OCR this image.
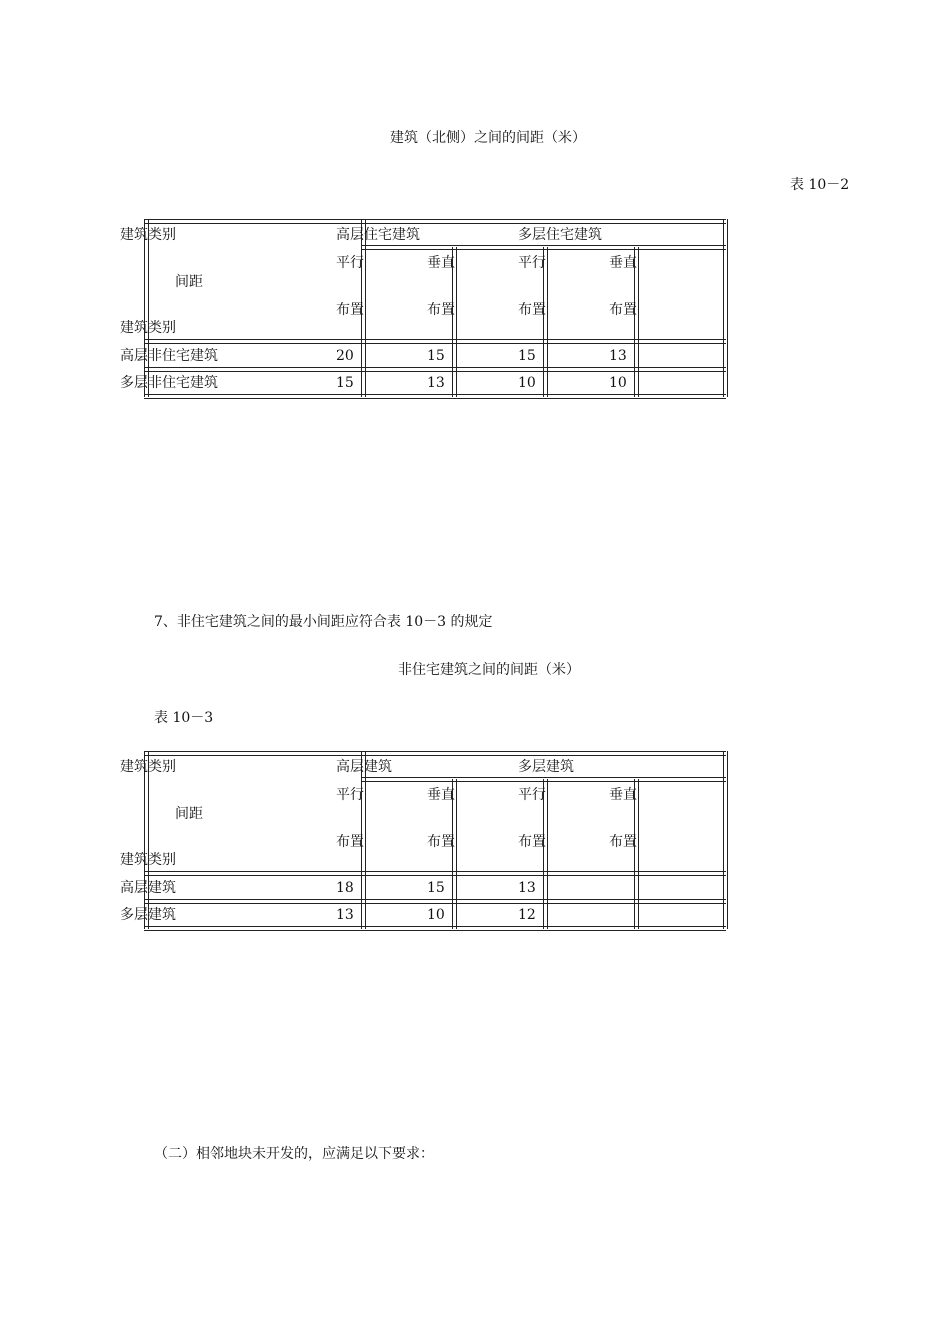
建筑（北侧）之间的间距（米）
表 10－2
建筑类别
间距
建筑类别
高层住宅建筑	多层住宅建筑
平行	垂直	平行	垂直
布置	布置	布置	布置
高层非住宅建筑	20	15	15	13
多层非住宅建筑	15	13	10	10
7、非住宅建筑之间的最小间距应符合表 10－3 的规定
非住宅建筑之间的间距（米）
表 10－3
建筑类别
间距
建筑类别
高层建筑	多层建筑
平行	垂直	平行	垂直
布置	布置	布置	布置
高层建筑	18	15	13
多层建筑	13	10	12
（二）相邻地块未开发的，应满足以下要求：
